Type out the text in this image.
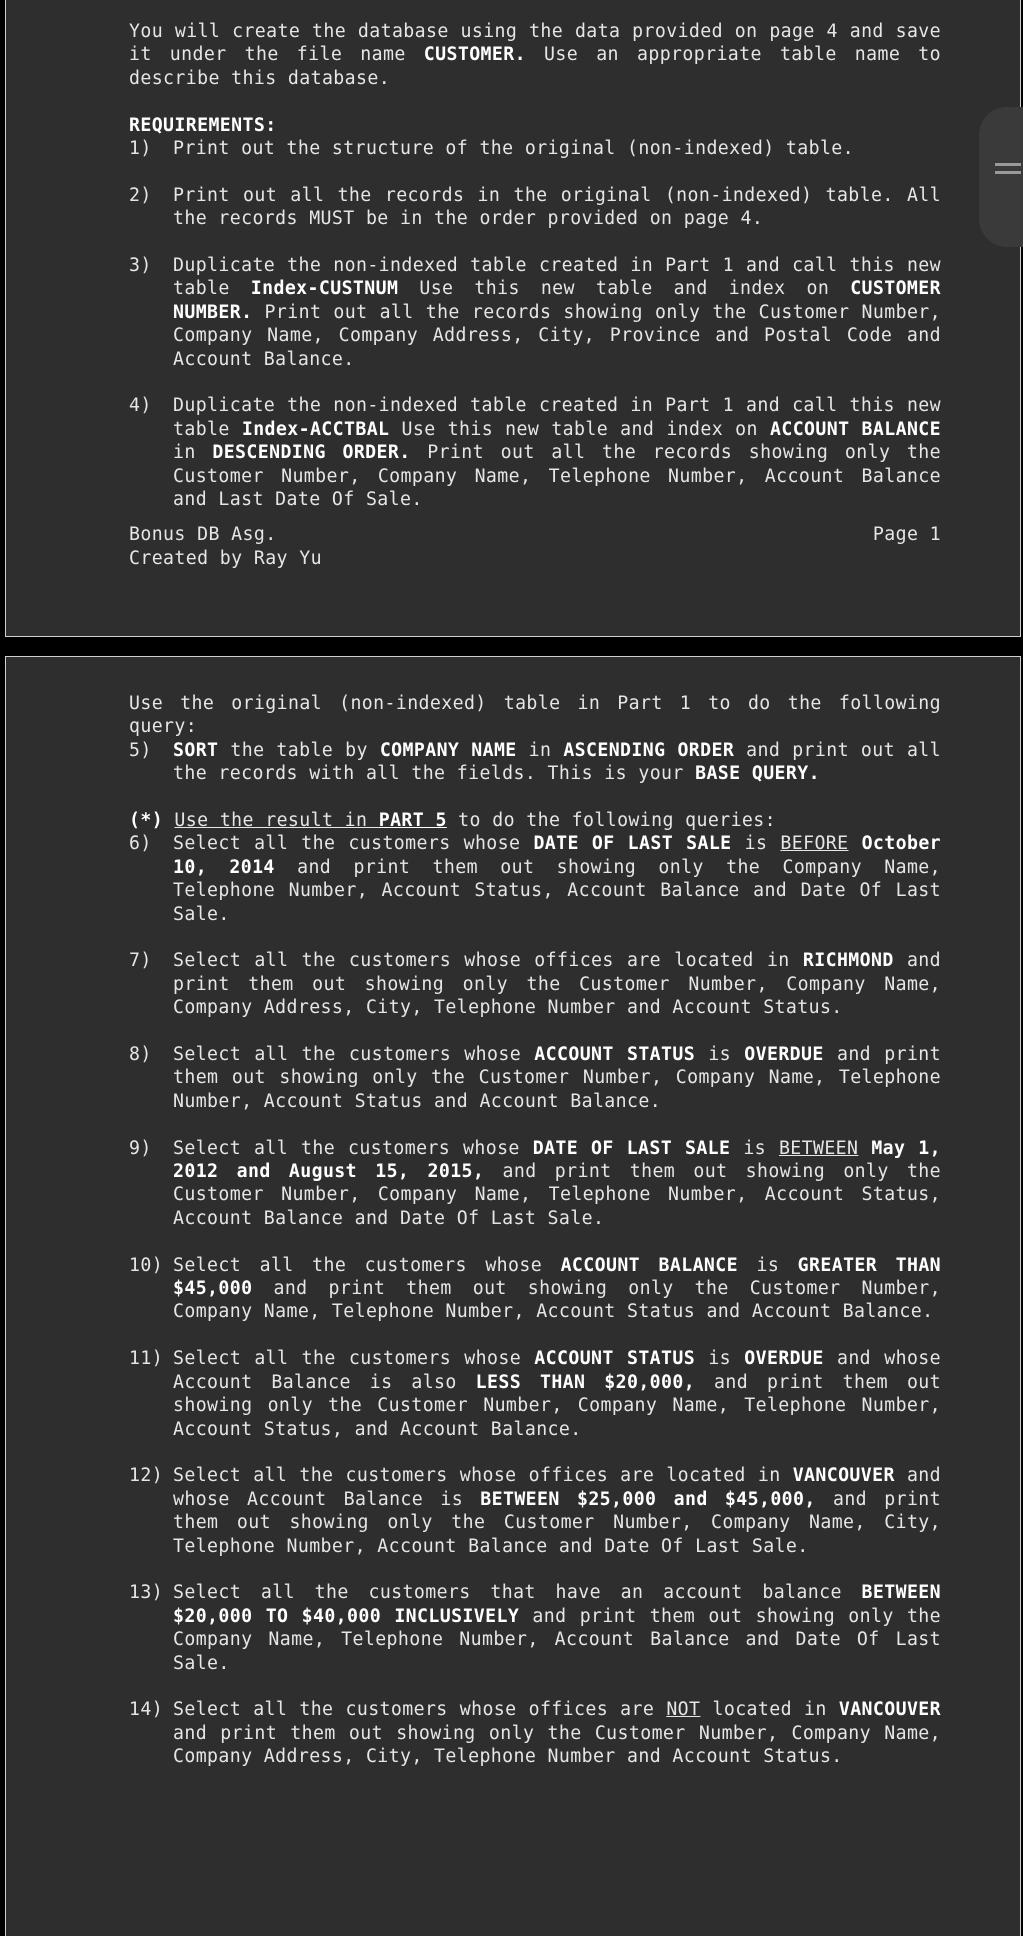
You will create the database using the data provided on page 4 and save it under the file name CUSTOMER. Use an appropriate table name to describe this database.

REQUIREMENTS:
1)	Print out the structure of the original (non-indexed) table.
2)	Print out all the records in the original (non-indexed) table. All the records MUST be in the order provided on page 4.
3)	Duplicate the non-indexed table created in Part 1 and call this new table Index-CUSTNUM Use this new table and index on CUSTOMER NUMBER. Print out all the records showing only the Customer Number, Company Name, Company Address, City, Province and Postal Code and Account Balance.
4)	Duplicate the non-indexed table created in Part 1 and call this new table Index-ACCTBAL Use this new table and index on ACCOUNT BALANCE in DESCENDING ORDER. Print out all the records showing only the Customer Number, Company Name, Telephone Number, Account Balance and Last Date Of Sale.
Bonus DB Asg.	Page 1
Created by Ray Yu

Use the original (non-indexed) table in Part 1 to do the following query:

5)	SORT the table by COMPANY NAME in ASCENDING ORDER and print out all the records with all the fields. This is your BASE QUERY.

(*) Use the result in PART 5 to do the following queries:

6)	Select all the customers whose DATE OF LAST SALE is BEFORE October 10, 2014 and print them out showing only the Company Name, Telephone Number, Account Status, Account Balance and Date Of Last Sale.
7)	Select all the customers whose offices are located in RICHMOND and print them out showing only the Customer Number, Company Name, Company Address, City, Telephone Number and Account Status.
8)	Select all the customers whose ACCOUNT STATUS is OVERDUE and print them out showing only the Customer Number, Company Name, Telephone Number, Account Status and Account Balance.
9)	Select all the customers whose DATE OF LAST SALE is BETWEEN May 1, 2012 and August 15, 2015, and print them out showing only the Customer Number, Company Name, Telephone Number, Account Status, Account Balance and Date Of Last Sale.
10) Select all the customers whose ACCOUNT BALANCE is GREATER THAN $45,000 and print them out showing only the Customer Number, Company Name, Telephone Number, Account Status and Account Balance.
11) Select all the customers whose ACCOUNT STATUS is OVERDUE and whose Account Balance is also LESS THAN $20,000, and print them out showing only the Customer Number, Company Name, Telephone Number, Account Status, and Account Balance.
12) Select all the customers whose offices are located in VANCOUVER and whose Account Balance is BETWEEN $25,000 and $45,000, and print them out showing only the Customer Number, Company Name, City, Telephone Number, Account Balance and Date Of Last Sale.
13) Select all the customers that have an account balance BETWEEN $20,000 TO $40,000 INCLUSIVELY and print them out showing only the Company Name, Telephone Number, Account Balance and Date Of Last Sale.
14) Select all the customers whose offices are NOT located in VANCOUVER and print them out showing only the Customer Number, Company Name, Company Address, City, Telephone Number and Account Status.
